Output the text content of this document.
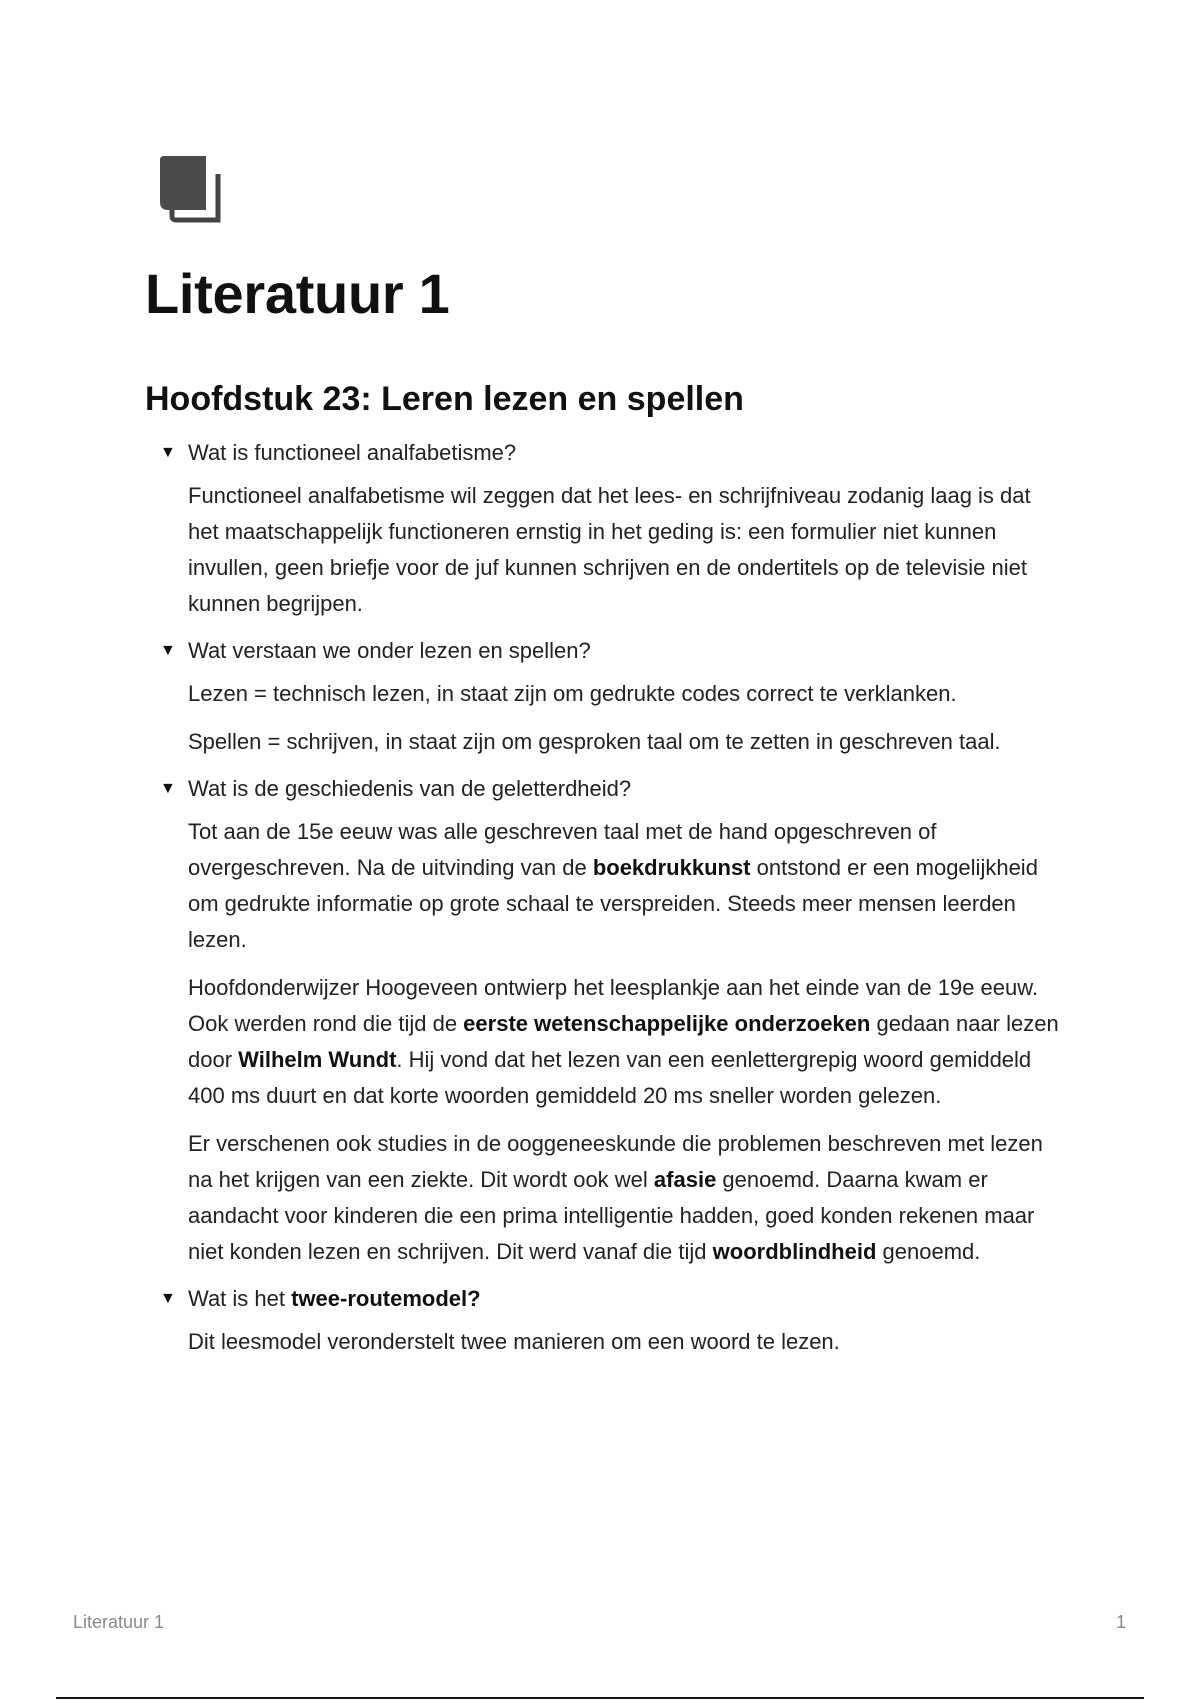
Literatuur 1
Hoofdstuk 23: Leren lezen en spellen
▼ Wat is functioneel analfabetisme?

Functioneel analfabetisme wil zeggen dat het lees- en schrijfniveau zodanig laag is dat het maatschappelijk functioneren ernstig in het geding is: een formulier niet kunnen invullen, geen briefje voor de juf kunnen schrijven en de ondertitels op de televisie niet kunnen begrijpen.

▼ Wat verstaan we onder lezen en spellen?

Lezen = technisch lezen, in staat zijn om gedrukte codes correct te verklanken.

Spellen = schrijven, in staat zijn om gesproken taal om te zetten in geschreven taal.

▼ Wat is de geschiedenis van de geletterdheid?

Tot aan de 15e eeuw was alle geschreven taal met de hand opgeschreven of overgeschreven. Na de uitvinding van de boekdrukkunst ontstond er een mogelijkheid om gedrukte informatie op grote schaal te verspreiden. Steeds meer mensen leerden lezen.

Hoofdonderwijzer Hoogeveen ontwierp het leesplankje aan het einde van de 19e eeuw. Ook werden rond die tijd de eerste wetenschappelijke onderzoeken gedaan naar lezen door Wilhelm Wundt. Hij vond dat het lezen van een eenlettergrepig woord gemiddeld 400 ms duurt en dat korte woorden gemiddeld 20 ms sneller worden gelezen.

Er verschenen ook studies in de ooggeneeskunde die problemen beschreven met lezen na het krijgen van een ziekte. Dit wordt ook wel afasie genoemd. Daarna kwam er aandacht voor kinderen die een prima intelligentie hadden, goed konden rekenen maar niet konden lezen en schrijven. Dit werd vanaf die tijd woordblindheid genoemd.

▼ Wat is het twee-routemodel?

Dit leesmodel veronderstelt twee manieren om een woord te lezen.

Literatuur 1	1
